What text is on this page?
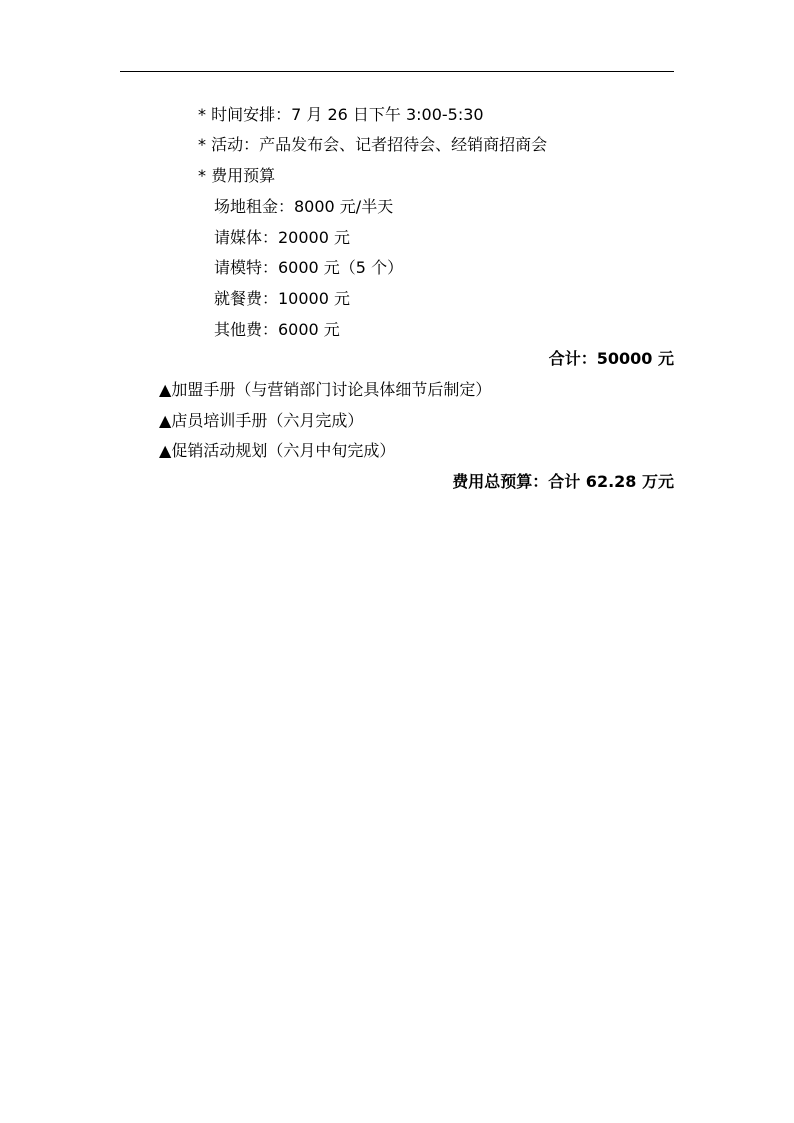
* 时间安排：7 月 26 日下午 3:00-5:30
* 活动：产品发布会、记者招待会、经销商招商会
* 费用预算
场地租金：8000 元/半天
请媒体：20000 元
请模特：6000 元（5 个）
就餐费：10000 元
其他费：6000 元
合计：50000 元
▲加盟手册（与营销部门讨论具体细节后制定）
▲店员培训手册（六月完成）
▲促销活动规划（六月中旬完成）
费用总预算：合计 62.28 万元
